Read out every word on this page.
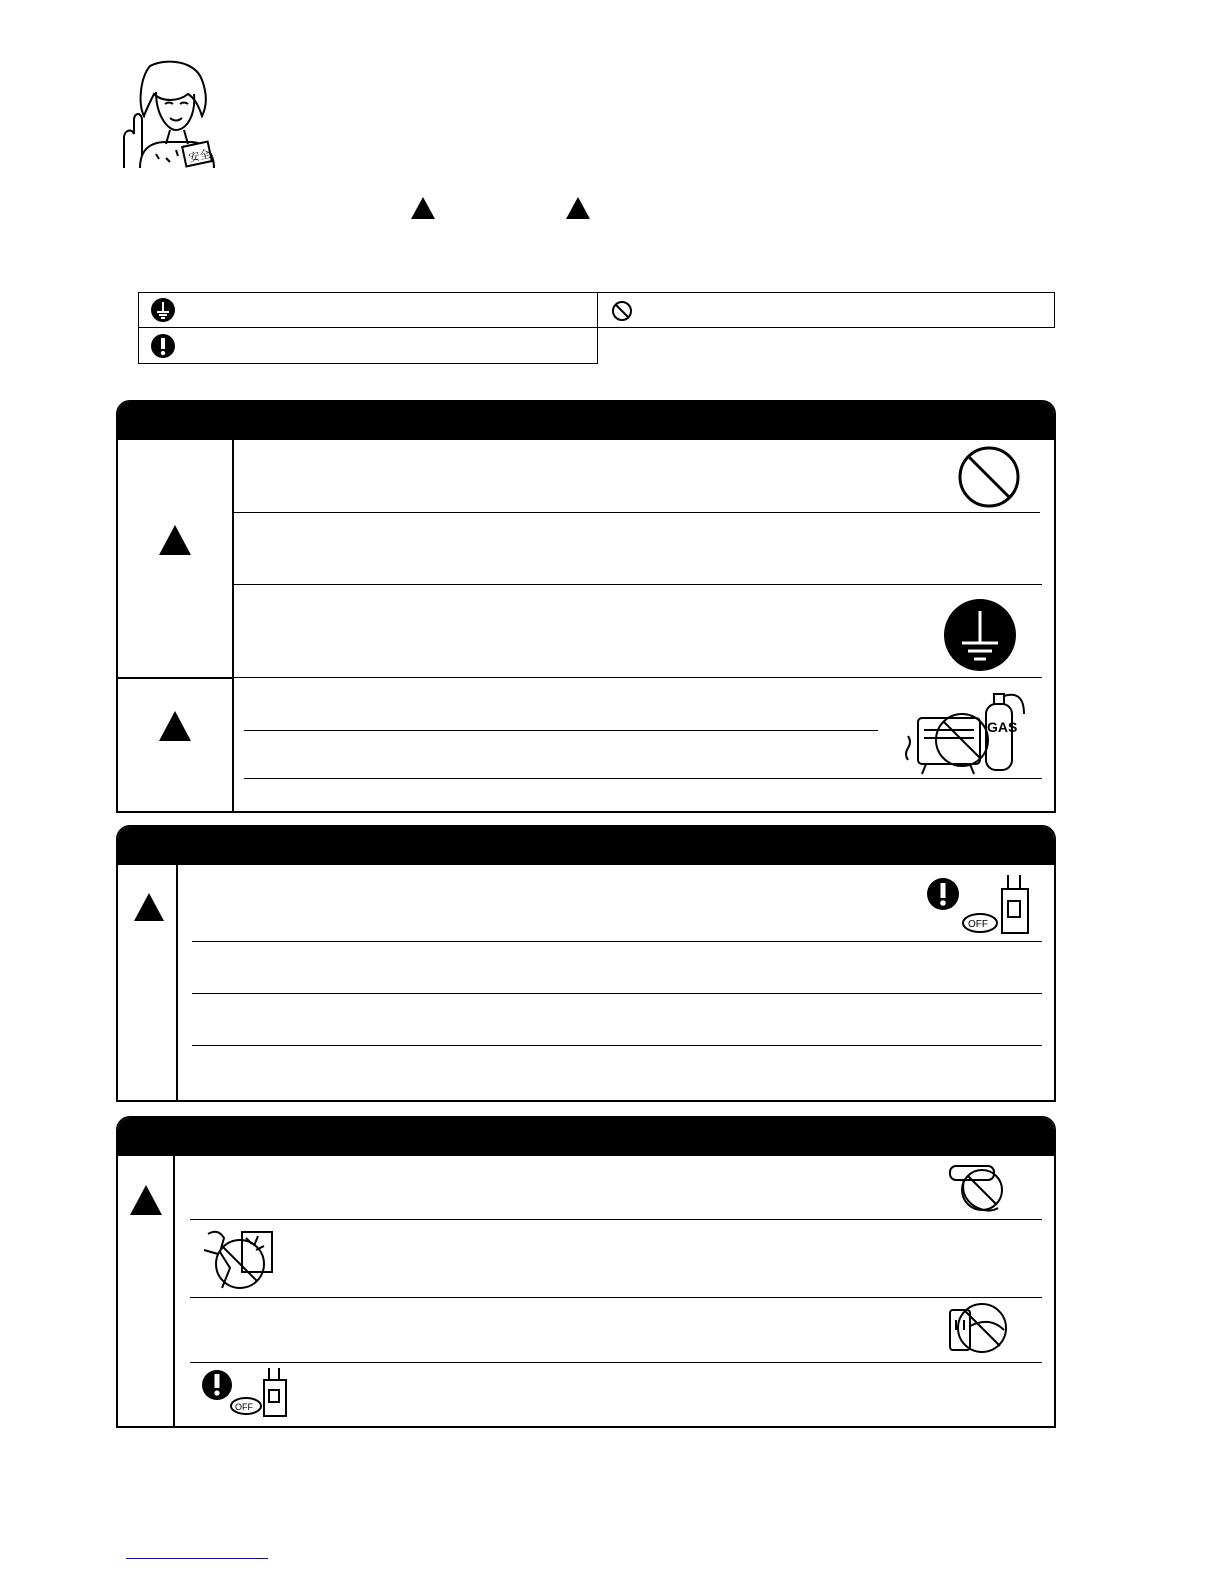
安全
GAS
OFF
OFF
